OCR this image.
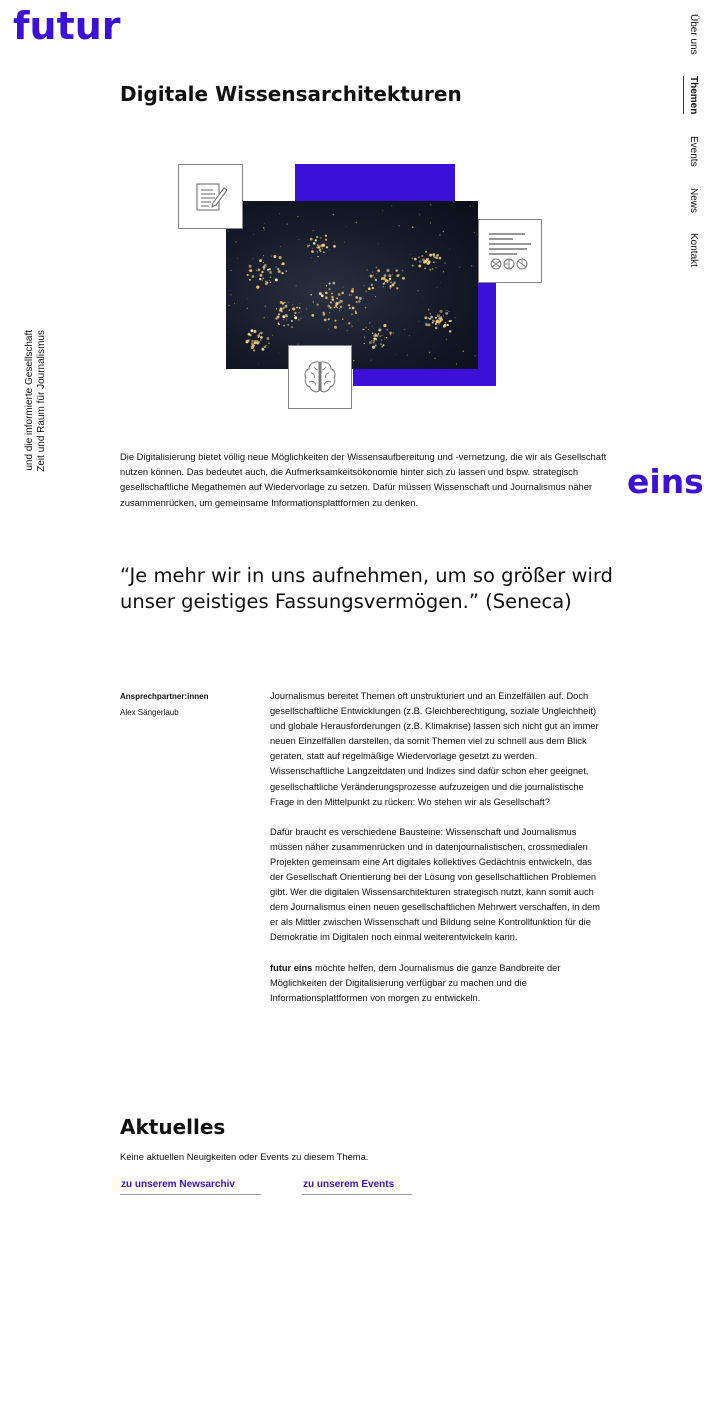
futur
eins
Über uns
Themen
Events
News
Kontakt
Zeit und Raum für Journalismus
und die informierte Gesellschaft
Digitale Wissensarchitekturen

Die Digitalisierung bietet völlig neue Möglichkeiten der Wissensaufbereitung und -vernetzung, die wir als Gesellschaft nutzen können. Das bedeutet auch, die Aufmerksamkeitsökonomie hinter sich zu lassen und bspw. strategisch gesellschaftliche Megathemen auf Wiedervorlage zu setzen. Dafür müssen Wissenschaft und Journalismus näher zusammenrücken, um gemeinsame Informationsplattformen zu denken.

“Je mehr wir in uns aufnehmen, um so größer wird unser geistiges Fassungsvermögen.” (Seneca)
Ansprechpartner:innen
Alex Sängerlaub

Journalismus bereitet Themen oft unstrukturiert und an Einzelfällen auf. Doch gesellschaftliche Entwicklungen (z.B. Gleichberechtigung, soziale Ungleichheit) und globale Herausforderungen (z.B. Klimakrise) lassen sich nicht gut an immer neuen Einzelfällen darstellen, da somit Themen viel zu schnell aus dem Blick geraten, statt auf regelmäßige Wiedervorlage gesetzt zu werden. Wissenschaftliche Langzeitdaten und Indizes sind dafür schon eher geeignet, gesellschaftliche Veränderungsprozesse aufzuzeigen und die journalistische Frage in den Mittelpunkt zu rücken: Wo stehen wir als Gesellschaft?

Dafür braucht es verschiedene Bausteine: Wissenschaft und Journalismus müssen näher zusammenrücken und in datenjournalistischen, crossmedialen Projekten gemeinsam eine Art digitales kollektives Gedächtnis entwickeln, das der Gesellschaft Orientierung bei der Lösung von gesellschaftlichen Problemen gibt. Wer die digitalen Wissensarchitekturen strategisch nutzt, kann somit auch dem Journalismus einen neuen gesellschaftlichen Mehrwert verschaffen, in dem er als Mittler zwischen Wissenschaft und Bildung seine Kontrollfunktion für die Demokratie im Digitalen noch einmal weiterentwickeln kann.

futur eins möchte helfen, dem Journalismus die ganze Bandbreite der Möglichkeiten der Digitalisierung verfügbar zu machen und die Informationsplattformen von morgen zu entwickeln.

Aktuelles

Keine aktuellen Neuigkeiten oder Events zu diesem Thema.

zu unserem Newsarchiv	zu unserem Events
